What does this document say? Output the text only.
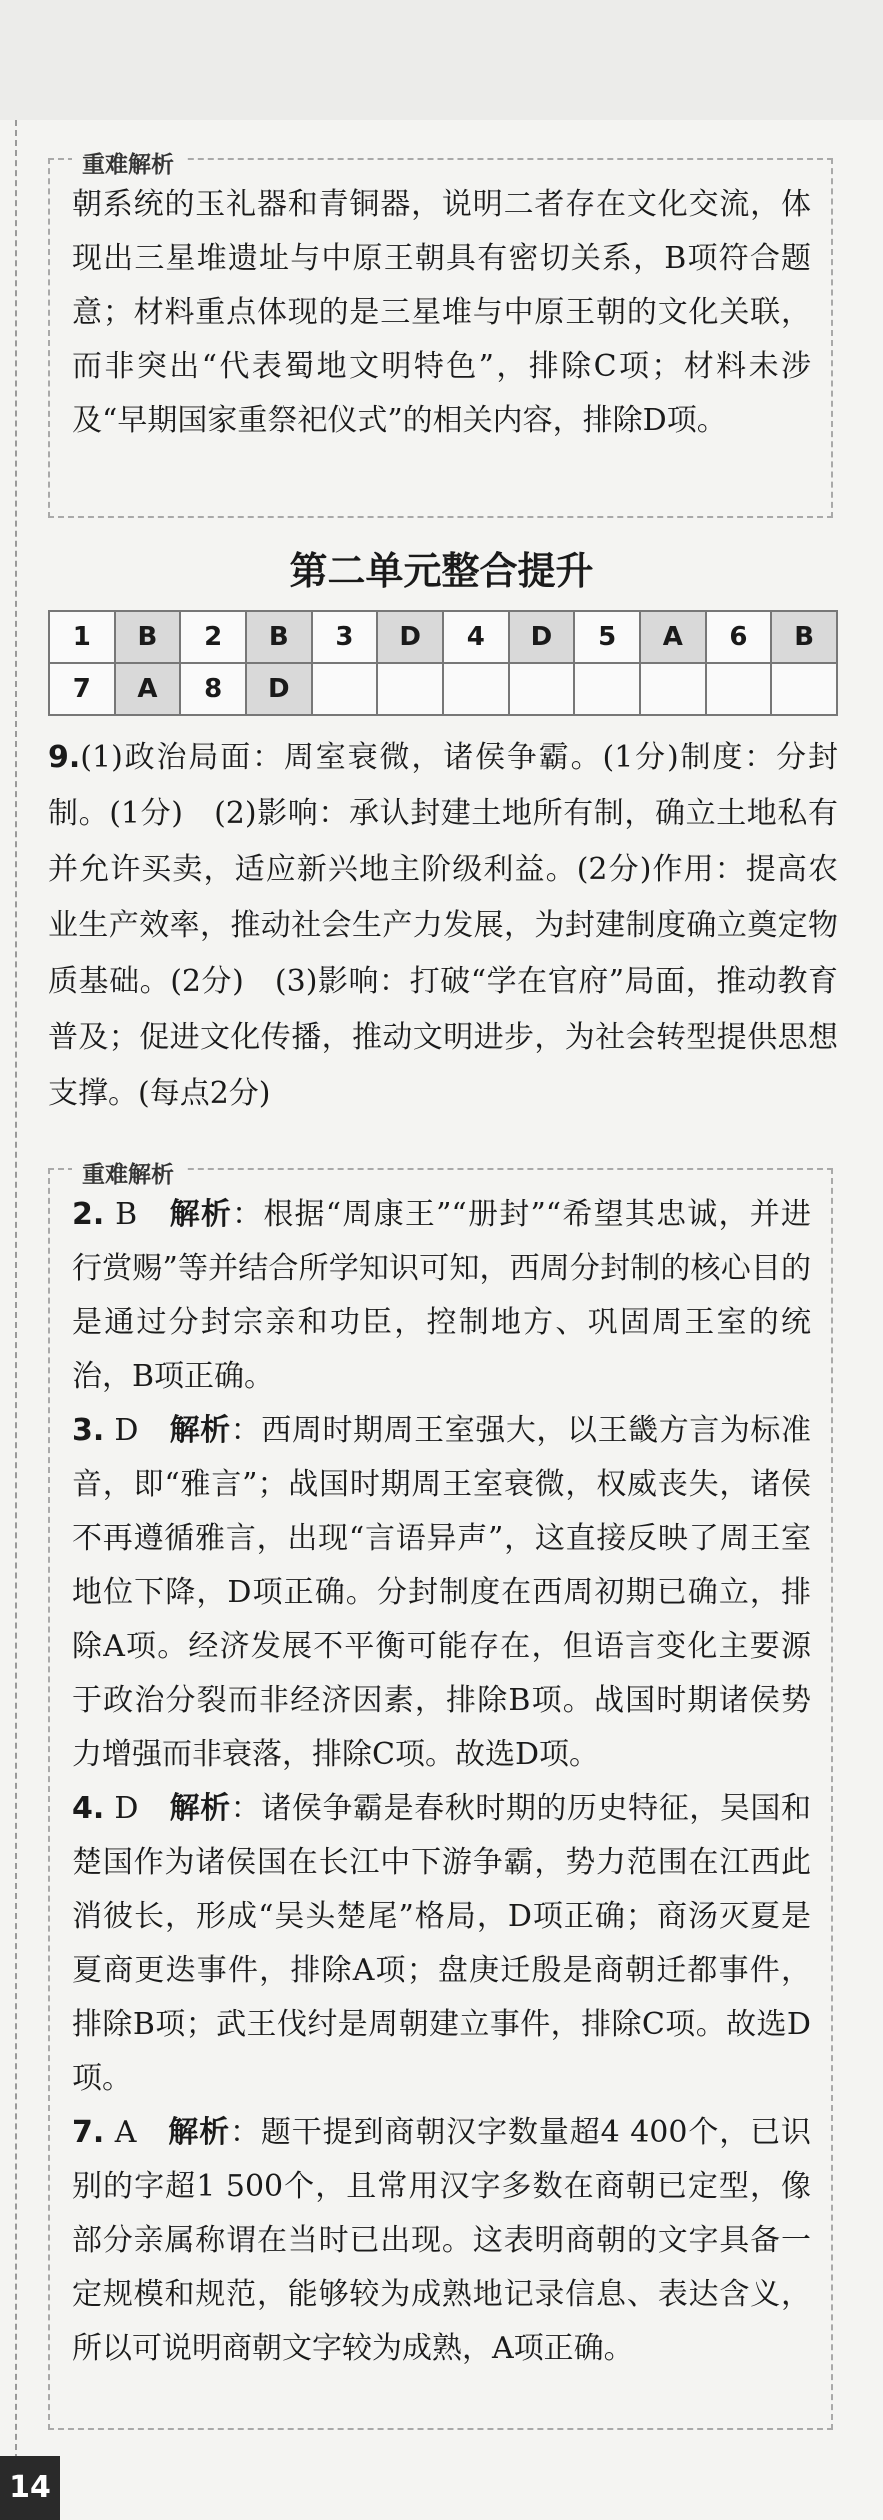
重难解析

朝系统的玉礼器和青铜器，说明二者存在文化交流，体现出三星堆遗址与中原王朝具有密切关系，B项符合题意；材料重点体现的是三星堆与中原王朝的文化关联，而非突出“代表蜀地文明特色”，排除C项；材料未涉及“早期国家重祭祀仪式”的相关内容，排除D项。

第二单元整合提升
1	B	2	B	3	D	4	D	5	A	6	B
7	A	8	D								

9.(1)政治局面：周室衰微，诸侯争霸。(1分)制度：分封制。(1分)　(2)影响：承认封建土地所有制，确立土地私有并允许买卖，适应新兴地主阶级利益。(2分)作用：提高农业生产效率，推动社会生产力发展，为封建制度确立奠定物质基础。(2分)　(3)影响：打破“学在官府”局面，推动教育普及；促进文化传播，推动文明进步，为社会转型提供思想支撑。(每点2分)

重难解析

2. B　 解析：根据“周康王”“册封”“希望其忠诚，并进行赏赐”等并结合所学知识可知，西周分封制的核心目的是通过分封宗亲和功臣，控制地方、巩固周王室的统治，B项正确。

3. D　 解析：西周时期周王室强大，以王畿方言为标准音，即“雅言”；战国时期周王室衰微，权威丧失，诸侯不再遵循雅言，出现“言语异声”，这直接反映了周王室地位下降，D项正确。分封制度在西周初期已确立，排除A项。经济发展不平衡可能存在，但语言变化主要源于政治分裂而非经济因素，排除B项。战国时期诸侯势力增强而非衰落，排除C项。故选D项。

4. D　 解析：诸侯争霸是春秋时期的历史特征，吴国和楚国作为诸侯国在长江中下游争霸，势力范围在江西此消彼长，形成“吴头楚尾”格局，D项正确；商汤灭夏是夏商更迭事件，排除A项；盘庚迁殷是商朝迁都事件，排除B项；武王伐纣是周朝建立事件，排除C项。故选D项。

7. A　 解析：题干提到商朝汉字数量超4 400个，已识别的字超1 500个，且常用汉字多数在商朝已定型，像部分亲属称谓在当时已出现。这表明商朝的文字具备一定规模和规范，能够较为成熟地记录信息、表达含义，所以可说明商朝文字较为成熟，A项正确。

14
